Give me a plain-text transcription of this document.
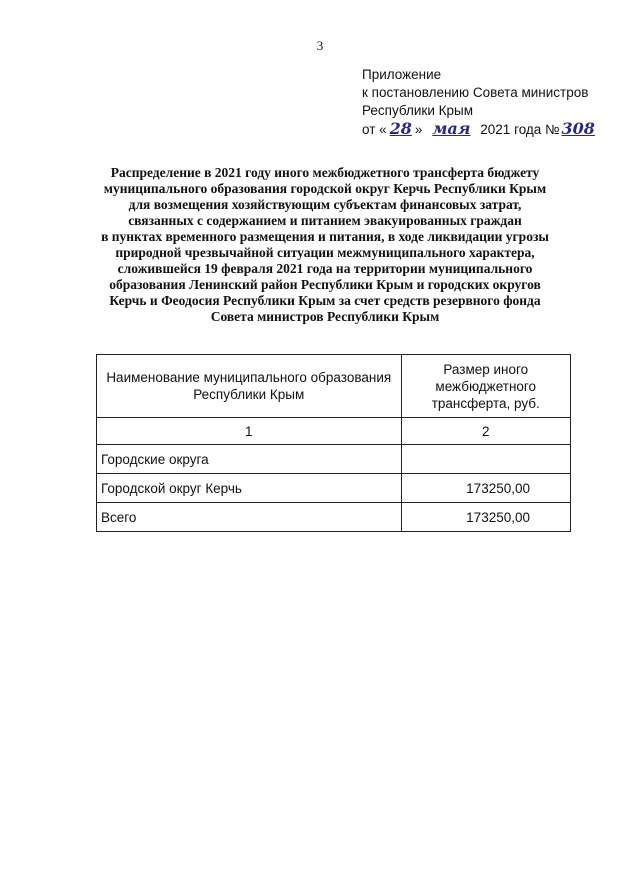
3
Приложение
к постановлению Совета министров
Республики Крым
от « 28 » мая 2021 года № 308
Распределение в 2021 году иного межбюджетного трансферта бюджету
муниципального образования городской округ Керчь Республики Крым
для возмещения хозяйствующим субъектам финансовых затрат,
связанных с содержанием и питанием эвакуированных граждан
в пунктах временного размещения и питания, в ходе ликвидации угрозы
природной чрезвычайной ситуации межмуниципального характера,
сложившейся 19 февраля 2021 года на территории муниципального
образования Ленинский район Республики Крым и городских округов
Керчь и Феодосия Республики Крым за счет средств резервного фонда
Совета министров Республики Крым
Наименование муниципального образования Республики Крым	Размер иного межбюджетного трансферта, руб.
1	2
Городские округа	
Городской округ Керчь	173250,00
Всего	173250,00
